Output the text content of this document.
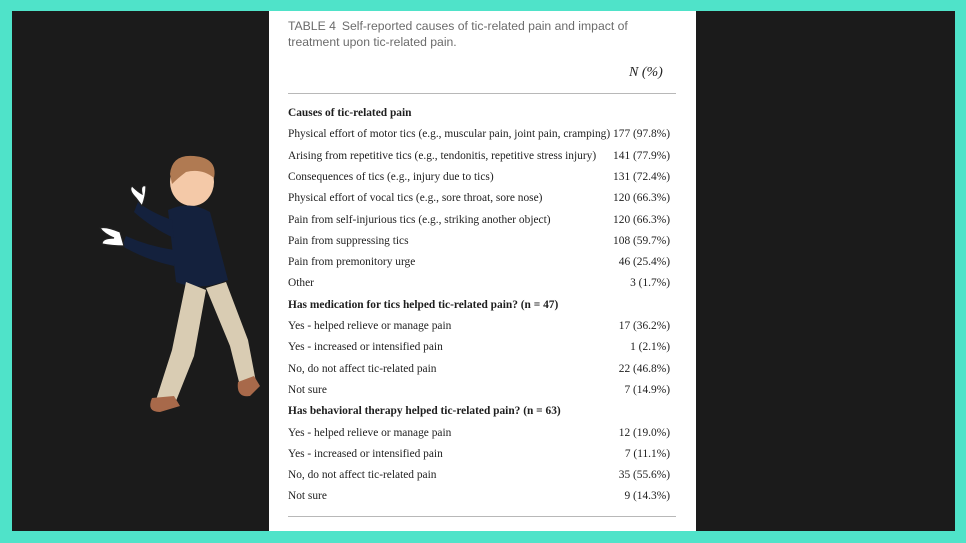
TABLE 4 Self-reported causes of tic-related pain and impact of treatment upon tic-related pain.
N (%)
Causes of tic-related pain
Physical effort of motor tics (e.g., muscular pain, joint pain, cramping) 177 (97.8%)
Arising from repetitive tics (e.g., tendonitis, repetitive stress injury) 141 (77.9%)
Consequences of tics (e.g., injury due to tics)	131 (72.4%)
Physical effort of vocal tics (e.g., sore throat, sore nose)	120 (66.3%)
Pain from self-injurious tics (e.g., striking another object)	120 (66.3%)
Pain from suppressing tics	108 (59.7%)
Pain from premonitory urge	46 (25.4%)
Other	3 (1.7%)
Has medication for tics helped tic-related pain? (n = 47)
Yes - helped relieve or manage pain	17 (36.2%)
Yes - increased or intensified pain	1 (2.1%)
No, do not affect tic-related pain	22 (46.8%)
Not sure	7 (14.9%)
Has behavioral therapy helped tic-related pain? (n = 63)
Yes - helped relieve or manage pain	12 (19.0%)
Yes - increased or intensified pain	7 (11.1%)
No, do not affect tic-related pain	35 (55.6%)
Not sure	9 (14.3%)
